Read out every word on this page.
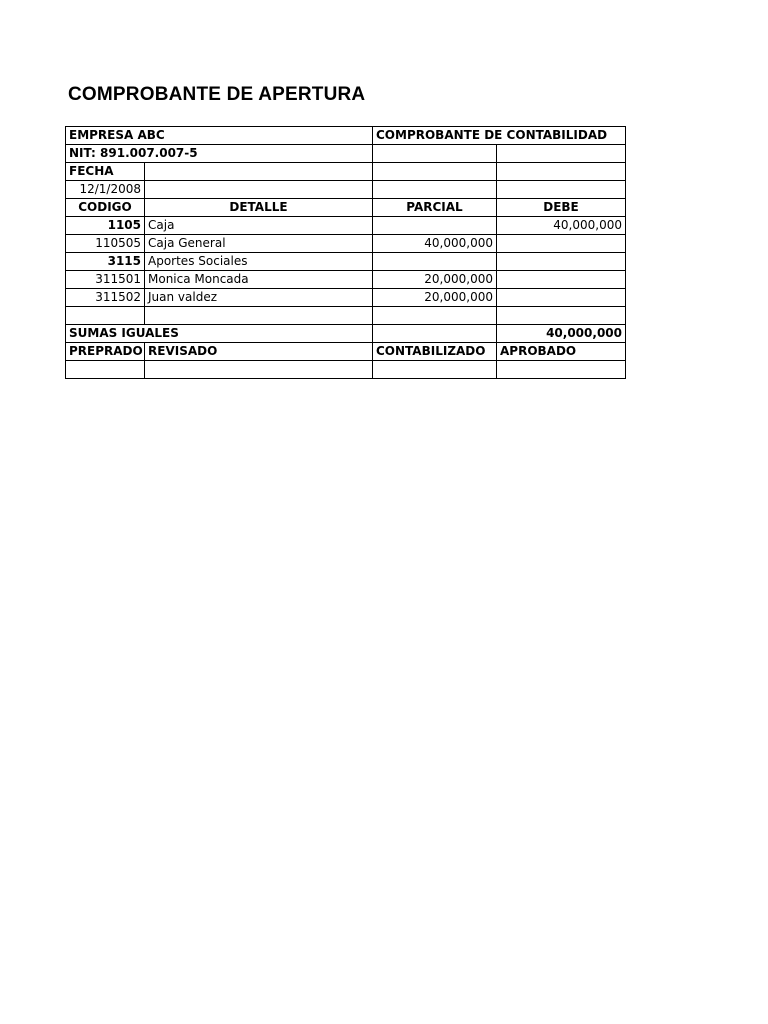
COMPROBANTE DE APERTURA
EMPRESA ABC		COMPROBANTE DE CONTABILIDAD	
NIT: 891.007.007-5			
FECHA			
12/1/2008			
CODIGO	DETALLE	PARCIAL	DEBE
1105	Caja		40,000,000
110505	Caja General	40,000,000	
3115	Aportes Sociales		
311501	Monica Moncada	20,000,000	
311502	Juan valdez	20,000,000	

SUMAS IGUALES			40,000,000
PREPRADO	REVISADO	CONTABILIZADO	APROBADO
